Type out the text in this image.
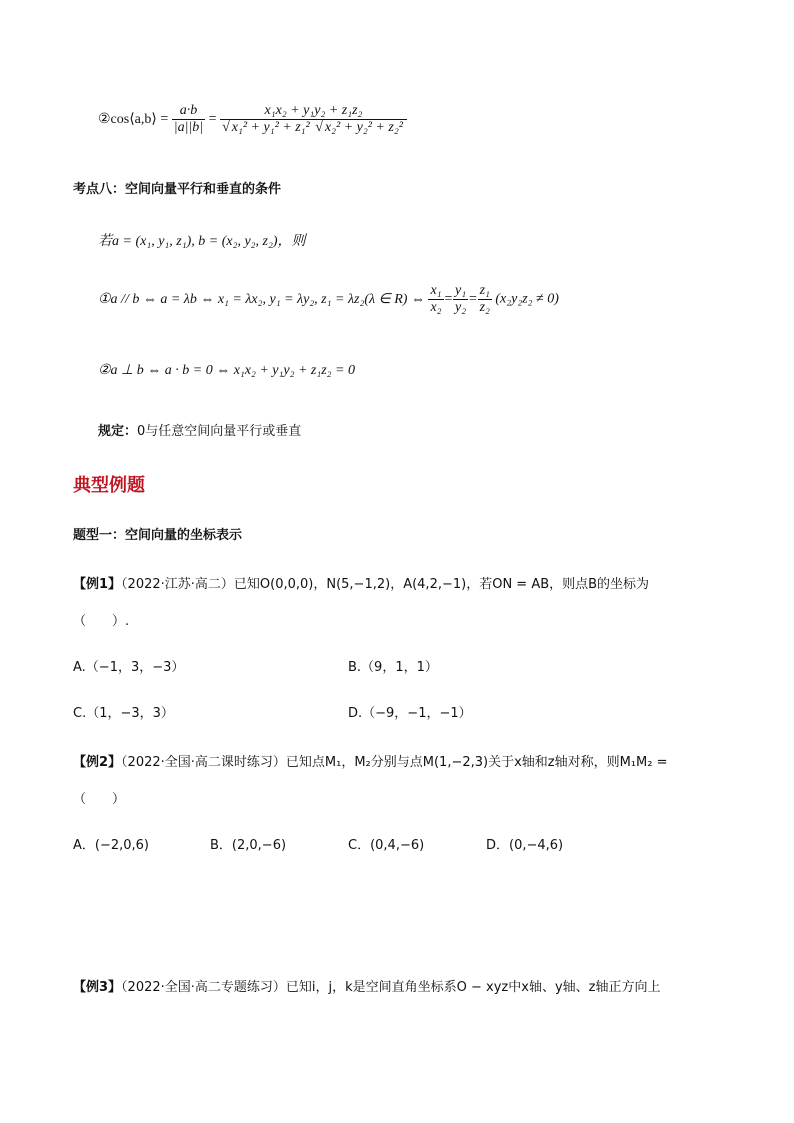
②cos⟨a,b⟩ = $\frac{a\cdot b}{|a||b|} = \frac{\text{x₁x₂ + y₁y₂ + z₁z₂}}{\text{√ x₁² + y₁² + z₁² √ x₂² + y₂² + z₂²}}$
考点八：空间向量平行和垂直的条件
若a = (x₁, y₁, z₁), b = (x₂, y₂, z₂)，则
①a // b ⇔ a = λb ⇔ x₁ = λx₂, y₁ = λy₂, z₁ = λz₂(λ ∈ R) ⇔ $\frac{\text{x₁}}{\text{x₂}} = \frac{\text{y₁}}{\text{y₂}} = \frac{\text{z₁}}{\text{z₂}} (x_2y_2z_2 \ne 0)$
②a ⊥ b ⇔ a · b = 0 ⇔ x₁x₂ + y₁y₂ + z₁z₂ = 0
规定：0与任意空间向量平行或垂直
典型例题
题型一：空间向量的坐标表示
【例1】（2022·江苏·高二）已知O(0,0,0)，N(5,−1,2)，A(4,2,−1)，若ON = AB，则点B的坐标为
（　　）.
A.（−1，3，−3）	B.（9，1，1）
C.（1，−3，3）	D.（−9，−1，−1）
【例2】（2022·全国·高二课时练习）已知点M₁，M₂分别与点M(1,−2,3)关于x轴和z轴对称，则M₁M₂ =
（　　）
A．(−2,0,6)	B．(2,0,−6)	C．(0,4,−6)	D．(0,−4,6)
【例3】（2022·全国·高二专题练习）已知i，j，k是空间直角坐标系O − xyz中x轴、y轴、z轴正方向上
